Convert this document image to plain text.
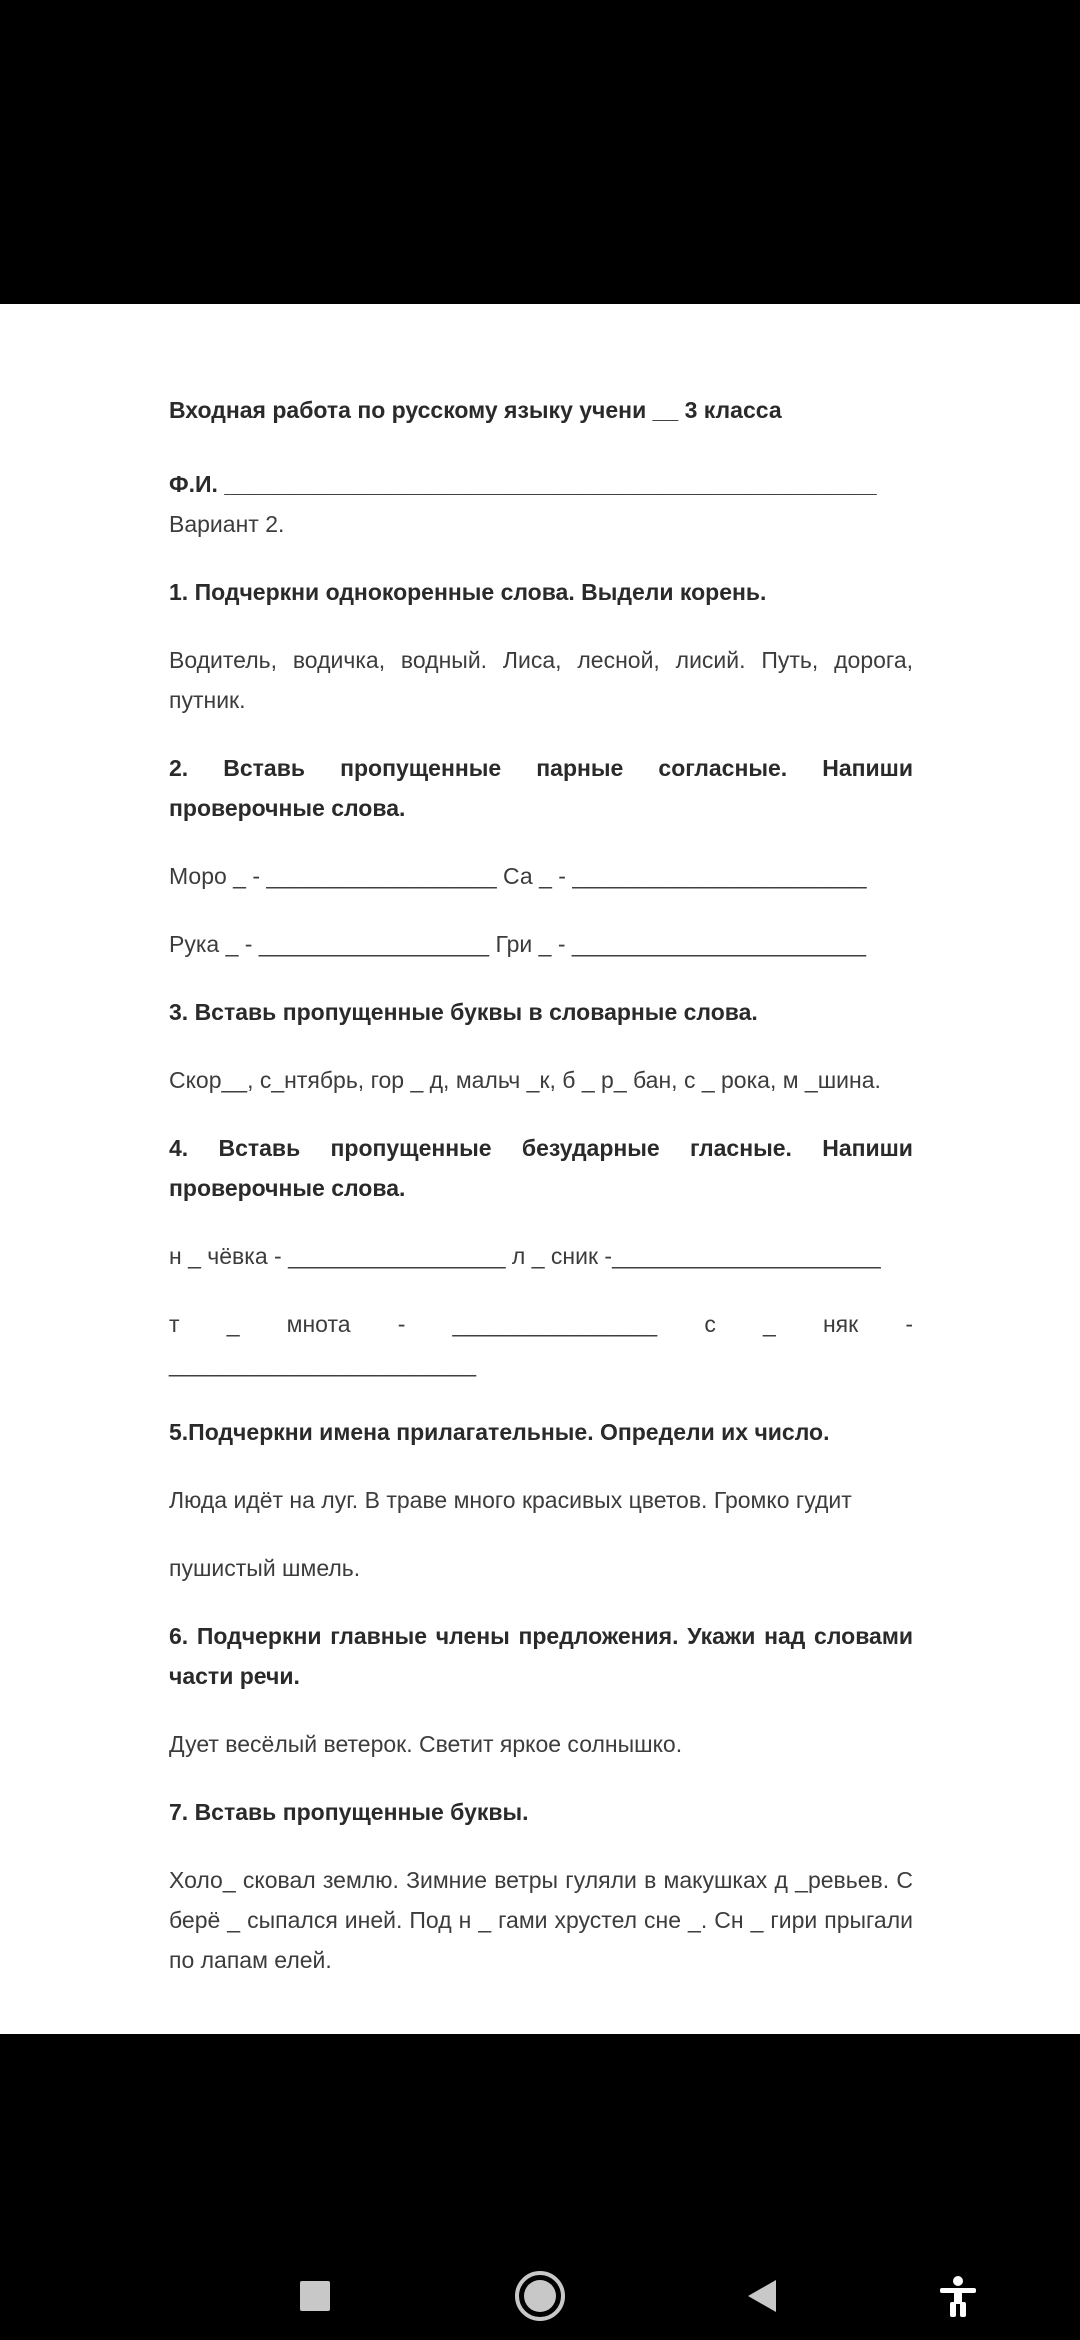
Входная работа по русскому языку учени __ 3 класса
Ф.И. ___________________________________________________
Вариант 2.
1. Подчеркни однокоренные слова. Выдели корень.
Водитель, водичка, водный. Лиса, лесной, лисий. Путь, дорога, путник.
2. Вставь пропущенные парные согласные. Напиши
проверочные слова.
Моро _ - __________________ Са _ - _______________________
Рука _ - __________________ Гри _ - _______________________
3. Вставь пропущенные буквы в словарные слова.
Скор__, с_нтябрь, гор _ д, мальч _к, б _ р_ бан, с _ рока, м _шина.
4. Вставь пропущенные безударные гласные. Напиши
проверочные слова.
н _ чёвка - _________________ л _ сник -_____________________
т _ мнота - ________________ с _ няк -
________________________
5.Подчеркни имена прилагательные. Определи их число.
Люда идёт на луг. В траве много красивых цветов. Громко гудит
пушистый шмель.
6. Подчеркни главные члены предложения. Укажи над словами части речи.
Дует весёлый ветерок. Светит яркое солнышко.
7. Вставь пропущенные буквы.
Холо_ сковал землю. Зимние ветры гуляли в макушках д _ревьев. С берё _ сыпался иней. Под н _ гами хрустел сне _. Сн _ гири прыгали по лапам елей.
